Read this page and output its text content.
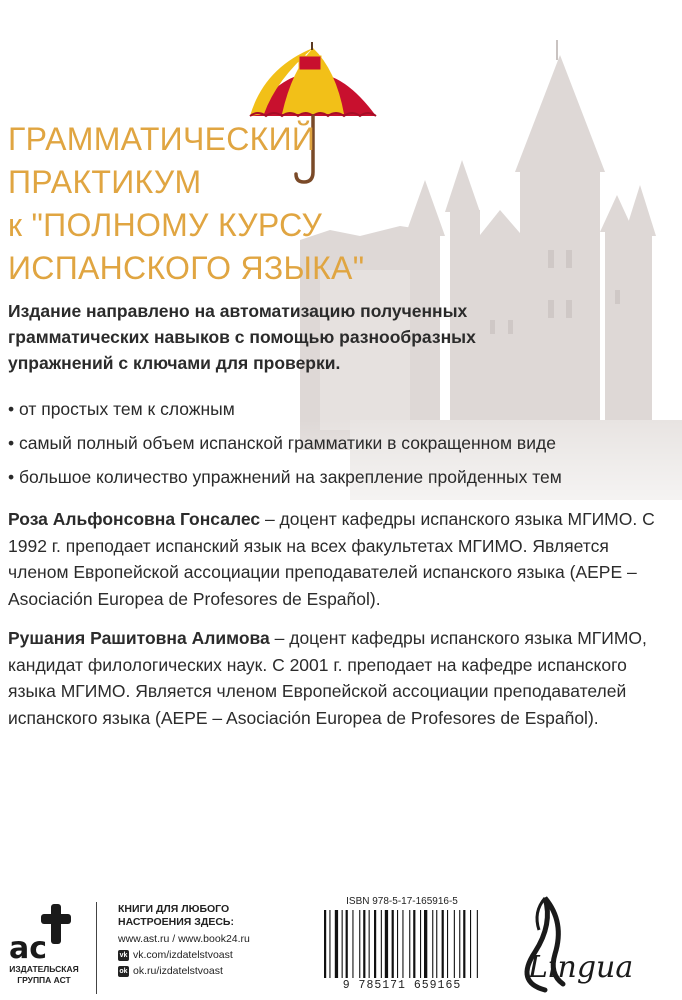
ГРАММАТИЧЕСКИЙ
ПРАКТИКУМ
к "ПОЛНОМУ КУРСУ
ИСПАНСКОГО ЯЗЫКА"

Издание направлено на автоматизацию полученных грамматических навыков с помощью разнообразных упражнений с ключами для проверки.

• от простых тем к сложным
• самый полный объем испанской грамматики в сокращенном виде
• большое количество упражнений на закрепление пройденных тем

Роза Альфонсовна Гонсалес – доцент кафедры испанского языка МГИМО. С 1992 г. преподает испанский язык на всех факультетах МГИМО. Является членом Европейской ассоциации преподавателей испанского языка (AEPE – Asociación Europea de Profesores de Español).

Рушания Рашитовна Алимова – доцент кафедры испанского языка МГИМО, кандидат филологических наук. С 2001 г. преподает на кафедре испанского языка МГИМО. Является членом Европейской ассоциации преподавателей испанского языка (AEPE – Asociación Europea de Profesores de Español).

ас
ИЗДАТЕЛЬСКАЯ ГРУППА АСТ
КНИГИ ДЛЯ ЛЮБОГО НАСТРОЕНИЯ ЗДЕСЬ:
www.ast.ru / www.book24.ru
vk vk.com/izdatelstvoast
ok ok.ru/izdatelstvoast
ISBN 978-5-17-165916-5
9 785171 659165
Lingua
